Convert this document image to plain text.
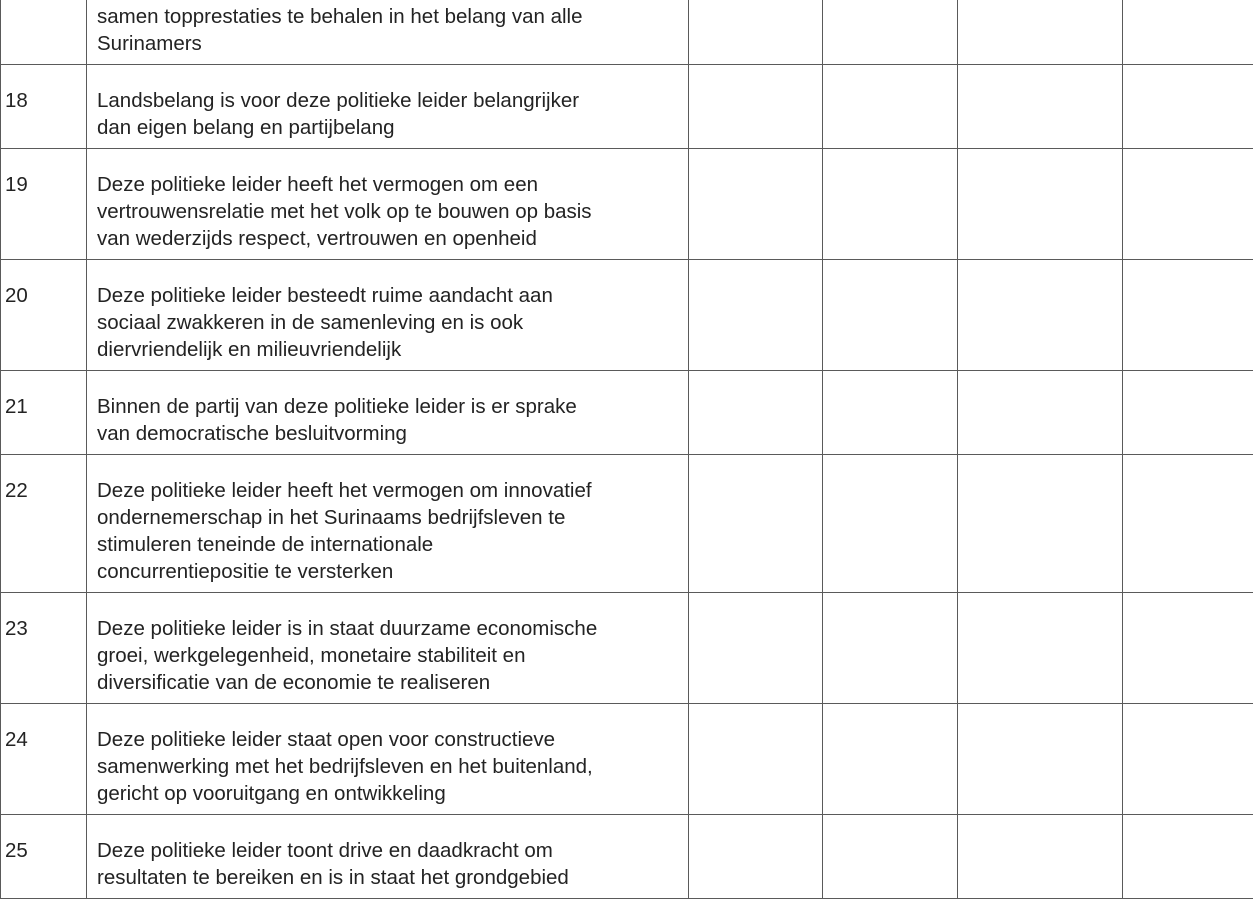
	samen topprestaties te behalen in het belang van alle
Surinamers				

18	Landsbelang is voor deze politieke leider belangrijker
dan eigen belang en partijbelang				

19	Deze politieke leider heeft het vermogen om een
vertrouwensrelatie met het volk op te bouwen op basis
van wederzijds respect, vertrouwen en openheid				

20	Deze politieke leider besteedt ruime aandacht aan
sociaal zwakkeren in de samenleving en is ook
diervriendelijk en milieuvriendelijk				

21	Binnen de partij van deze politieke leider is er sprake
van democratische besluitvorming				

22	Deze politieke leider heeft het vermogen om innovatief
ondernemerschap in het Surinaams bedrijfsleven te
stimuleren teneinde de internationale
concurrentiepositie te versterken				

23	Deze politieke leider is in staat duurzame economische
groei, werkgelegenheid, monetaire stabiliteit en
diversificatie van de economie te realiseren				

24	Deze politieke leider staat open voor constructieve
samenwerking met het bedrijfsleven en het buitenland,
gericht op vooruitgang en ontwikkeling				

25	Deze politieke leider toont drive en daadkracht om
resultaten te bereiken en is in staat het grondgebied				
